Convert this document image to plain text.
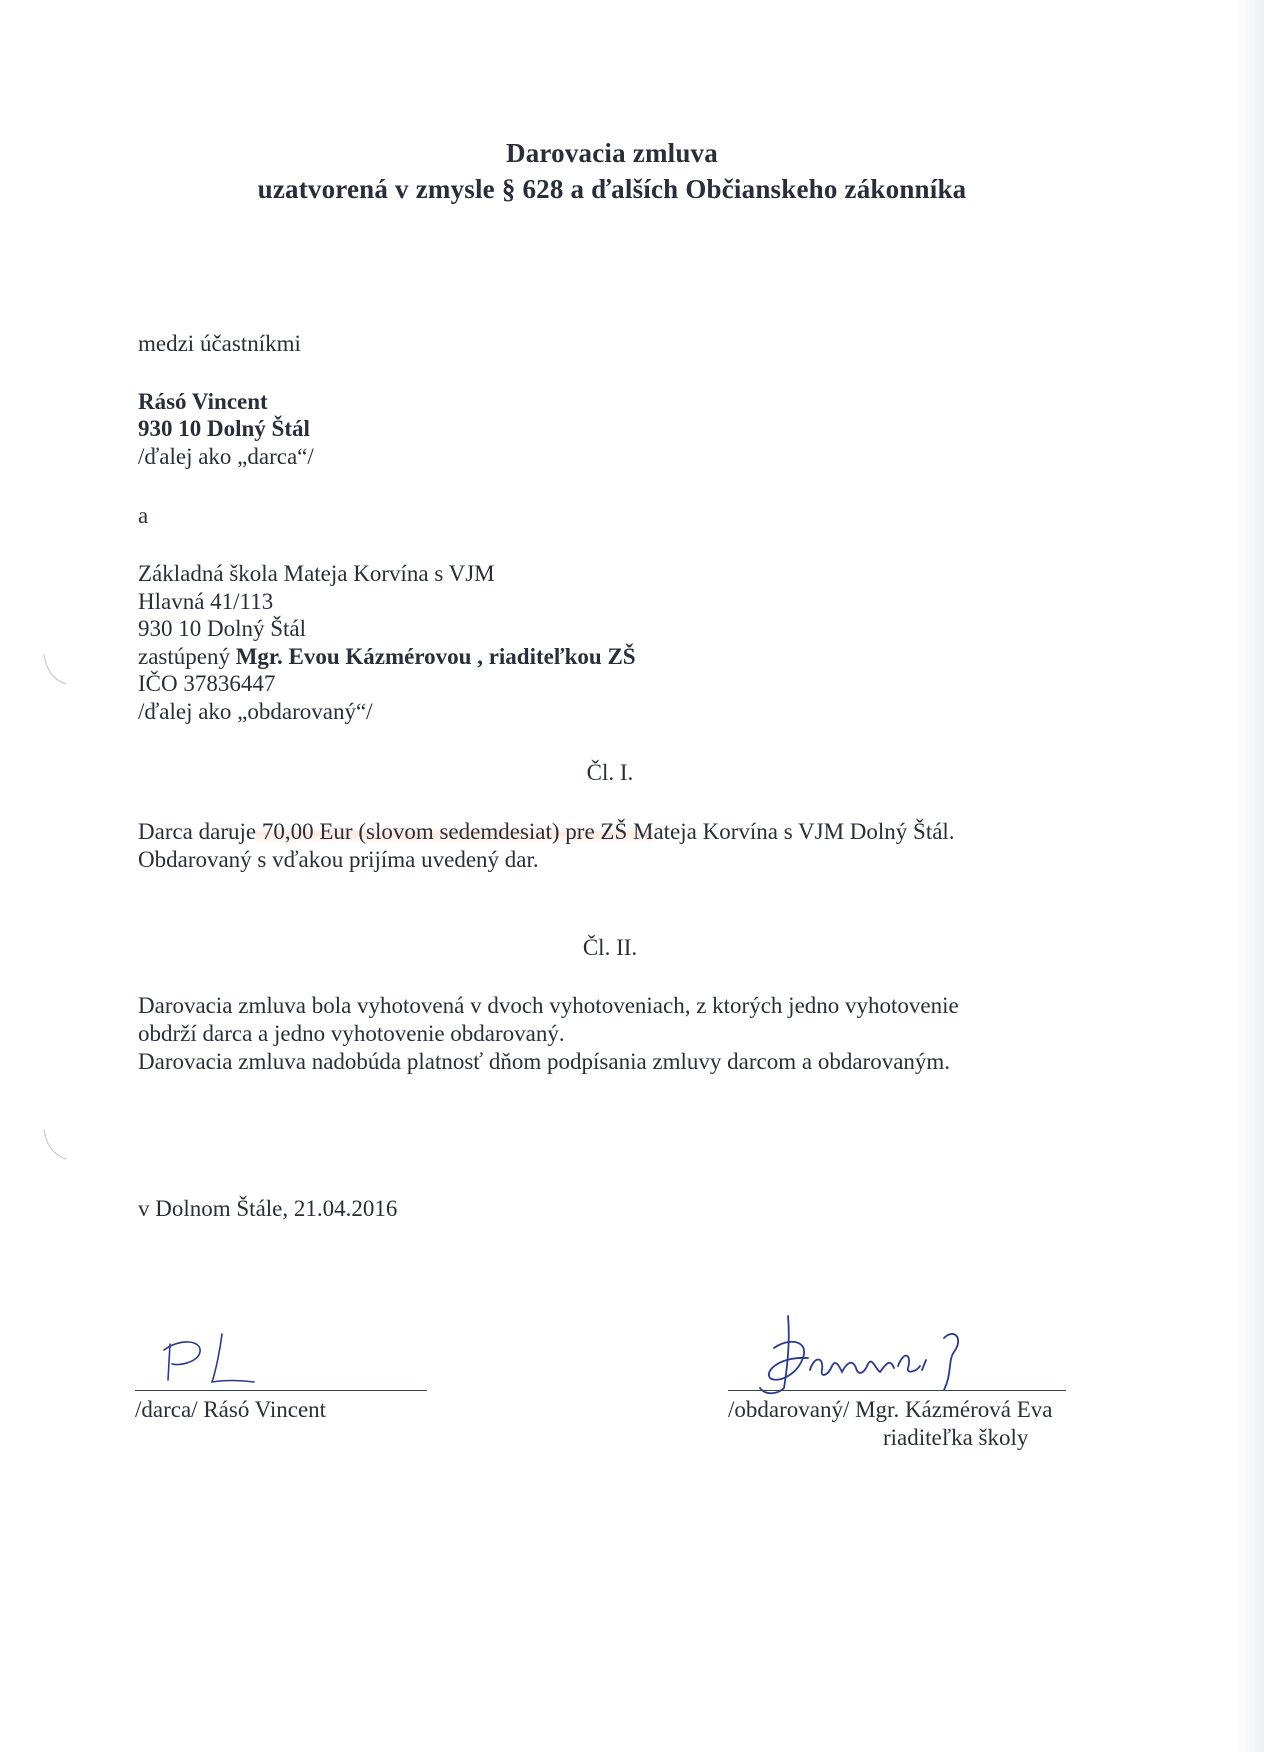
Darovacia zmluva
uzatvorená v zmysle § 628 a ďalších Občianskeho zákonníka
medzi účastníkmi
Rásó Vincent
930 10 Dolný Štál
/ďalej ako „darca“/
a
Základná škola Mateja Korvína s VJM
Hlavná 41/113
930 10 Dolný Štál
zastúpený Mgr. Evou Kázmérovou , riaditeľkou ZŠ
IČO 37836447
/ďalej ako „obdarovaný“/
Čl. I.
Darca daruje 70,00 Eur (slovom sedemdesiat) pre ZŠ Mateja Korvína s VJM Dolný Štál.
Obdarovaný s vďakou prijíma uvedený dar.
Čl. II.
Darovacia zmluva bola vyhotovená v dvoch vyhotoveniach, z ktorých jedno vyhotovenie
obdrží darca a jedno vyhotovenie obdarovaný.
Darovacia zmluva nadobúda platnosť dňom podpísania zmluvy darcom a obdarovaným.
v Dolnom Štále, 21.04.2016
/darca/ Rásó Vincent	/obdarovaný/ Mgr. Kázmérová Eva
riaditeľka školy
